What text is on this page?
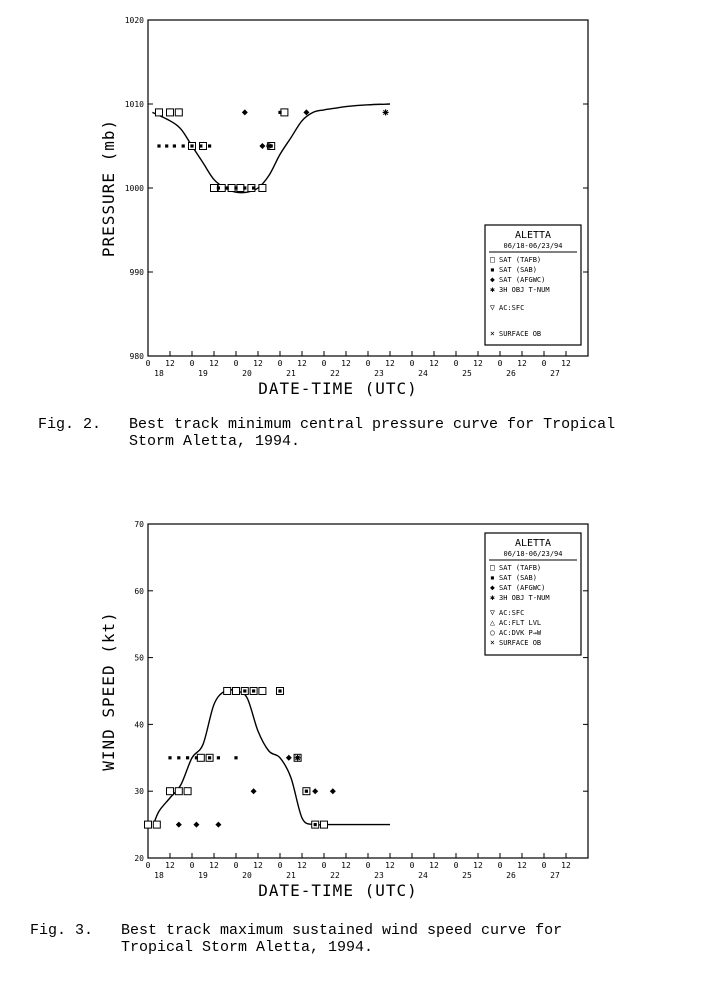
980
990
1000
1010
1020
0 12 0 12 0 12 0 12 0 12 0 12 0 12 0 12 0 12 0 12
18	19	20	21	22	23	24	25	26	27
DATE-TIME (UTC)
PRESSURE (mb)	ALETTA
06/18-06/23/94
□ SAT (TAFB)
▪ SAT (SAB)
◆ SAT (AFGWC)
✱ 3H OBJ T-NUM
▽ AC:SFC
× SURFACE OB
20
30
40
50
60
70
0 12 0 12 0 12 0 12 0 12 0 12 0 12 0 12 0 12 0 12
18	19	20	21	22	23	24	25	26	27
DATE-TIME (UTC)
WIND SPEED (kt)
ALETTA
06/18-06/23/94
□ SAT (TAFB)
▪ SAT (SAB)
◆ SAT (AFGWC)
✱ 3H OBJ T-NUM
▽ AC:SFC
△ AC:FLT LVL
○ AC:DVK P→W
× SURFACE OB

Fig. 2.

Best track minimum central pressure curve for Tropical

Storm Aletta, 1994.

Fig. 3.

Best track maximum sustained wind speed curve for

Tropical Storm Aletta, 1994.
